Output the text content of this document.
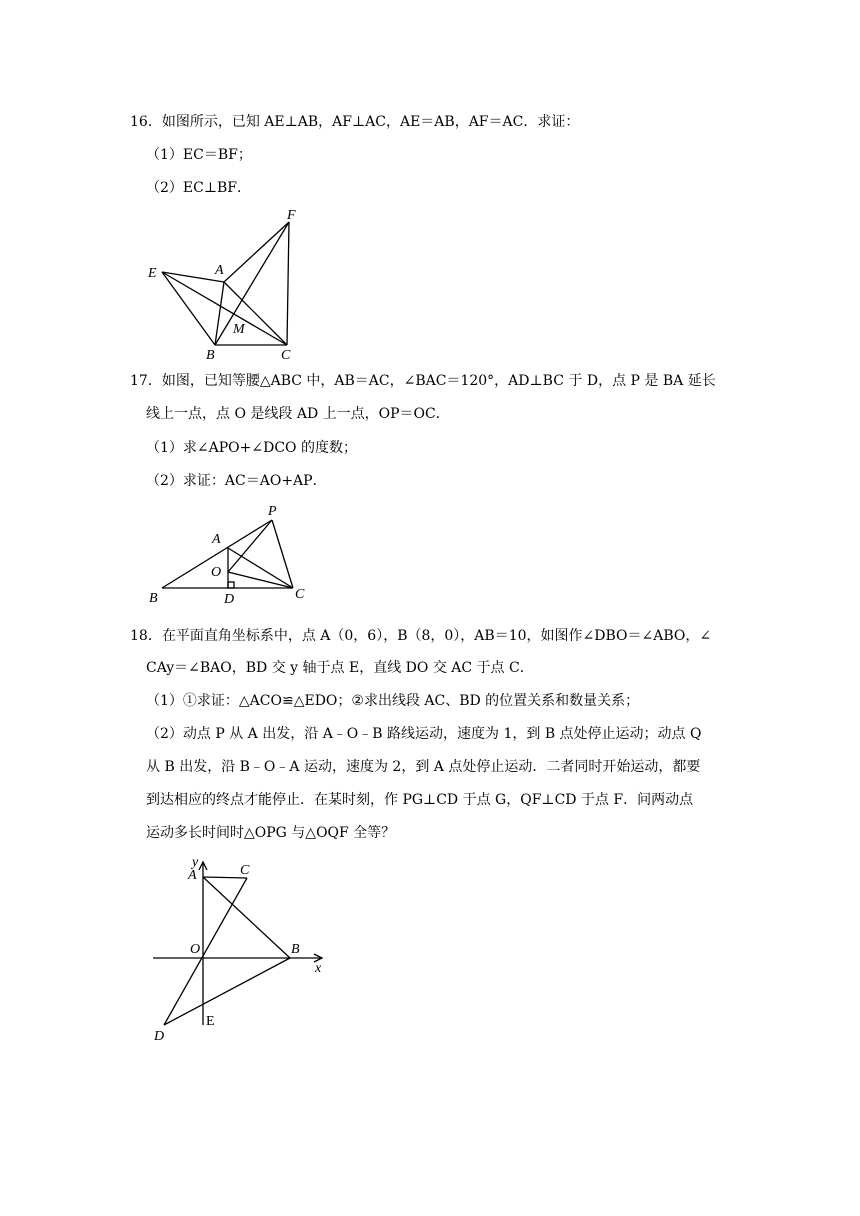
16．如图所示，已知 AE⊥AB，AF⊥AC，AE＝AB，AF＝AC．求证：
（1）EC＝BF；
（2）EC⊥BF．
E	A
F
M
B	C
17．如图，已知等腰△ABC 中，AB＝AC，∠BAC＝120°，AD⊥BC 于 D，点 P 是 BA 延长
线上一点，点 O 是线段 AD 上一点，OP＝OC．
（1）求∠APO+∠DCO 的度数；
（2）求证：AC＝AO+AP．
P
A
O
B	D	C
18．在平面直角坐标系中，点 A（0，6），B（8，0），AB＝10，如图作∠DBO＝∠ABO，∠
CAy＝∠BAO，BD 交 y 轴于点 E，直线 DO 交 AC 于点 C．
（1）①求证：△ACO≌△EDO；②求出线段 AC、BD 的位置关系和数量关系；
（2）动点 P 从 A 出发，沿 A﹣O﹣B 路线运动，速度为 1，到 B 点处停止运动；动点 Q
从 B 出发，沿 B﹣O﹣A 运动，速度为 2，到 A 点处停止运动．二者同时开始运动，都要
到达相应的终点才能停止．在某时刻，作 PG⊥CD 于点 G，QF⊥CD 于点 F．问两动点
运动多长时间时△OPG 与△OQF 全等？
y
C
A
O	B
x
E
D
